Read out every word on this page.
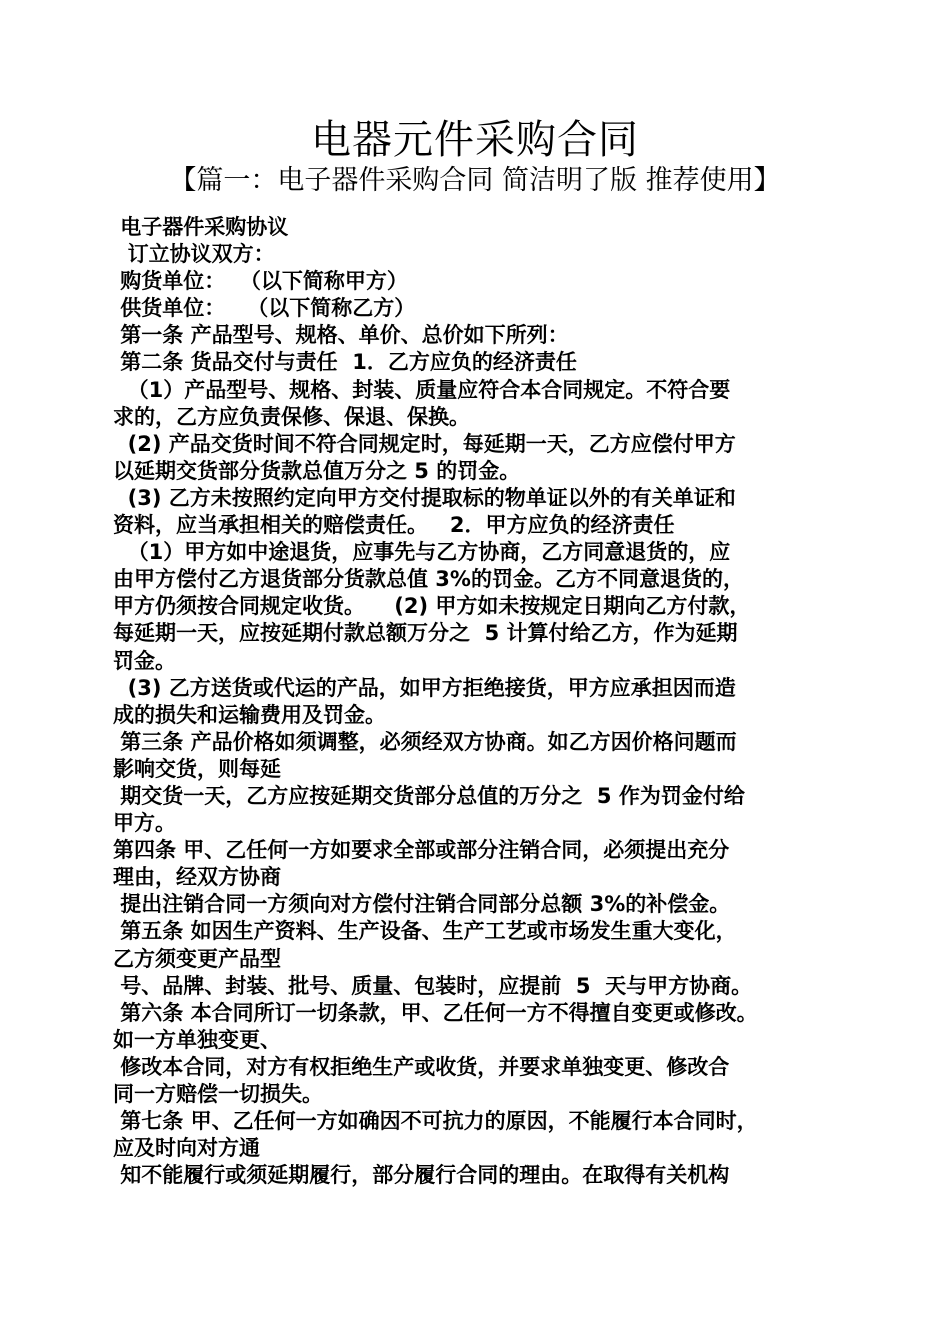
电器元件采购合同
【篇一：电子器件采购合同 简洁明了版 推荐使用】
电子器件采购协议
订立协议双方：
购货单位：  （以下简称甲方）
供货单位：   （以下简称乙方）
第一条 产品型号、规格、单价、总价如下所列：
第二条 货品交付与责任  1．乙方应负的经济责任
（1）产品型号、规格、封装、质量应符合本合同规定。不符合要
求的，乙方应负责保修、保退、保换。
(2) 产品交货时间不符合同规定时，每延期一天，乙方应偿付甲方
以延期交货部分货款总值万分之 5 的罚金。
(3) 乙方未按照约定向甲方交付提取标的物单证以外的有关单证和
资料，应当承担相关的赔偿责任。   2．甲方应负的经济责任
（1）甲方如中途退货，应事先与乙方协商，乙方同意退货的，应
由甲方偿付乙方退货部分货款总值 3%的罚金。乙方不同意退货的，
甲方仍须按合同规定收货。    (2) 甲方如未按规定日期向乙方付款，
每延期一天，应按延期付款总额万分之  5 计算付给乙方，作为延期
罚金。
(3) 乙方送货或代运的产品，如甲方拒绝接货，甲方应承担因而造
成的损失和运输费用及罚金。
第三条 产品价格如须调整，必须经双方协商。如乙方因价格问题而
影响交货，则每延
期交货一天，乙方应按延期交货部分总值的万分之  5 作为罚金付给
甲方。
第四条 甲、乙任何一方如要求全部或部分注销合同，必须提出充分
理由，经双方协商
提出注销合同一方须向对方偿付注销合同部分总额 3%的补偿金。
第五条 如因生产资料、生产设备、生产工艺或市场发生重大变化，
乙方须变更产品型
号、品牌、封装、批号、质量、包装时，应提前  5  天与甲方协商。
第六条 本合同所订一切条款，甲、乙任何一方不得擅自变更或修改。
如一方单独变更、
修改本合同，对方有权拒绝生产或收货，并要求单独变更、修改合
同一方赔偿一切损失。
第七条 甲、乙任何一方如确因不可抗力的原因，不能履行本合同时，
应及时向对方通
知不能履行或须延期履行，部分履行合同的理由。在取得有关机构
